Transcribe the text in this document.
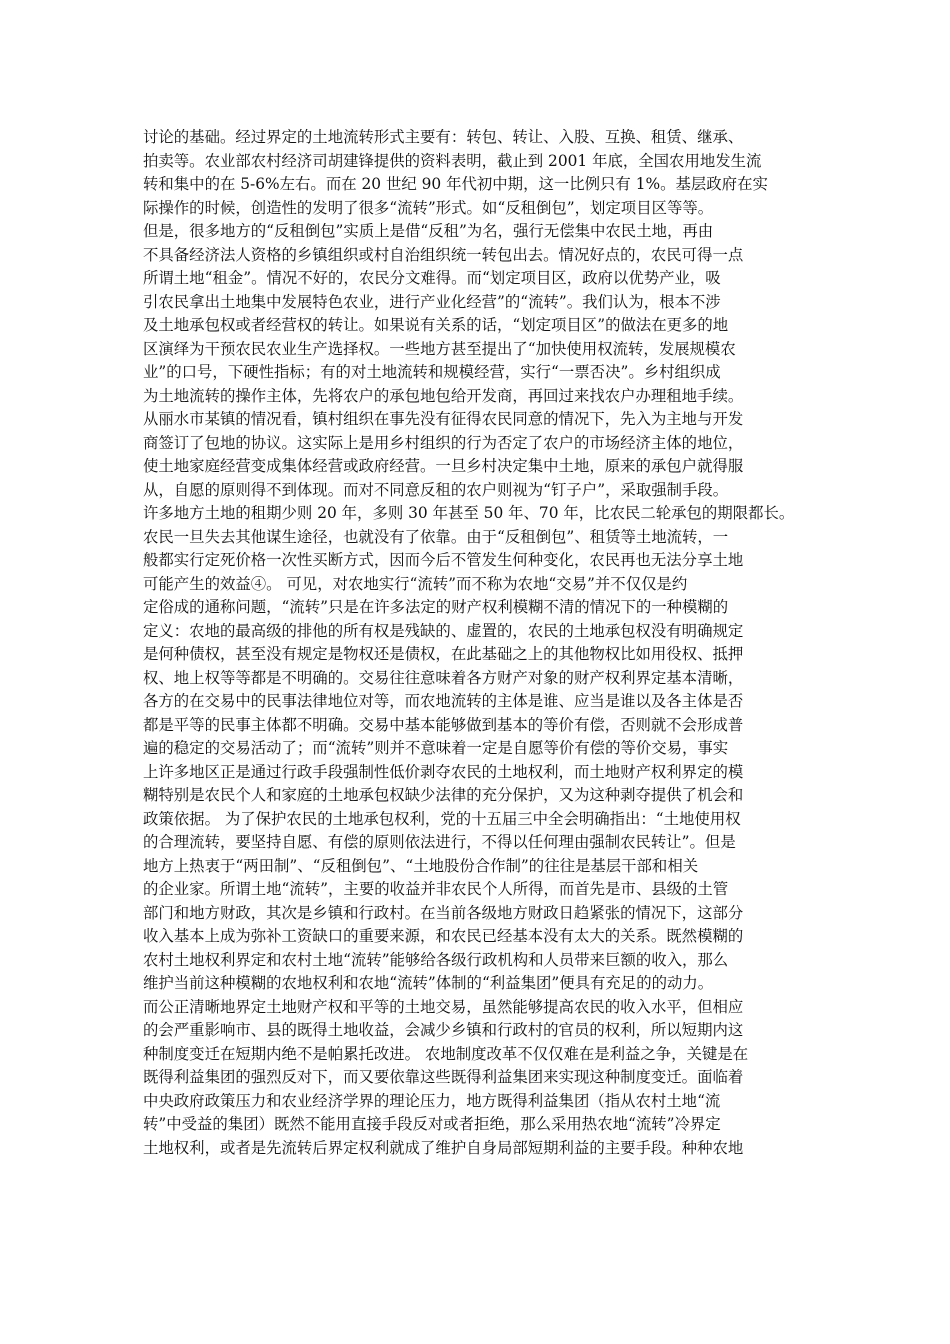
讨论的基础。经过界定的土地流转形式主要有：转包、转让、入股、互换、租赁、继承、
拍卖等。农业部农村经济司胡建锋提供的资料表明，截止到 2001 年底，全国农用地发生流
转和集中的在 5-6%左右。而在 20 世纪 90 年代初中期，这一比例只有 1%。基层政府在实
际操作的时候，创造性的发明了很多“流转”形式。如“反租倒包”，划定项目区等等。
但是，很多地方的“反租倒包”实质上是借“反租”为名，强行无偿集中农民土地，再由
不具备经济法人资格的乡镇组织或村自治组织统一转包出去。情况好点的，农民可得一点
所谓土地“租金”。情况不好的，农民分文难得。而“划定项目区，政府以优势产业，吸
引农民拿出土地集中发展特色农业，进行产业化经营”的“流转”。我们认为，根本不涉
及土地承包权或者经营权的转让。如果说有关系的话，“划定项目区”的做法在更多的地
区演绎为干预农民农业生产选择权。一些地方甚至提出了“加快使用权流转，发展规模农
业”的口号，下硬性指标；有的对土地流转和规模经营，实行“一票否决”。乡村组织成
为土地流转的操作主体，先将农户的承包地包给开发商，再回过来找农户办理租地手续。
从丽水市某镇的情况看，镇村组织在事先没有征得农民同意的情况下，先入为主地与开发
商签订了包地的协议。这实际上是用乡村组织的行为否定了农户的市场经济主体的地位，
使土地家庭经营变成集体经营或政府经营。一旦乡村决定集中土地，原来的承包户就得服
从，自愿的原则得不到体现。而对不同意反租的农户则视为“钉子户”，采取强制手段。
许多地方土地的租期少则 20 年，多则 30 年甚至 50 年、70 年，比农民二轮承包的期限都长。
农民一旦失去其他谋生途径，也就没有了依靠。由于“反租倒包”、租赁等土地流转，一
般都实行定死价格一次性买断方式，因而今后不管发生何种变化，农民再也无法分享土地
可能产生的效益④。 可见，对农地实行“流转”而不称为农地“交易”并不仅仅是约
定俗成的通称问题，“流转”只是在许多法定的财产权利模糊不清的情况下的一种模糊的
定义：农地的最高级的排他的所有权是残缺的、虚置的，农民的土地承包权没有明确规定
是何种债权，甚至没有规定是物权还是债权，在此基础之上的其他物权比如用役权、抵押
权、地上权等等都是不明确的。交易往往意味着各方财产对象的财产权利界定基本清晰，
各方的在交易中的民事法律地位对等，而农地流转的主体是谁、应当是谁以及各主体是否
都是平等的民事主体都不明确。交易中基本能够做到基本的等价有偿，否则就不会形成普
遍的稳定的交易活动了；而“流转”则并不意味着一定是自愿等价有偿的等价交易，事实
上许多地区正是通过行政手段强制性低价剥夺农民的土地权利，而土地财产权利界定的模
糊特别是农民个人和家庭的土地承包权缺少法律的充分保护，又为这种剥夺提供了机会和
政策依据。 为了保护农民的土地承包权利，党的十五届三中全会明确指出：“土地使用权
的合理流转，要坚持自愿、有偿的原则依法进行，不得以任何理由强制农民转让”。但是
地方上热衷于“两田制”、“反租倒包”、“土地股份合作制”的往往是基层干部和相关
的企业家。所谓土地“流转”，主要的收益并非农民个人所得，而首先是市、县级的土管
部门和地方财政，其次是乡镇和行政村。在当前各级地方财政日趋紧张的情况下，这部分
收入基本上成为弥补工资缺口的重要来源，和农民已经基本没有太大的关系。既然模糊的
农村土地权利界定和农村土地“流转”能够给各级行政机构和人员带来巨额的收入，那么
维护当前这种模糊的农地权利和农地“流转”体制的“利益集团”便具有充足的的动力。
而公正清晰地界定土地财产权和平等的土地交易，虽然能够提高农民的收入水平，但相应
的会严重影响市、县的既得土地收益，会减少乡镇和行政村的官员的权利，所以短期内这
种制度变迁在短期内绝不是帕累托改进。 农地制度改革不仅仅难在是利益之争，关键是在
既得利益集团的强烈反对下，而又要依靠这些既得利益集团来实现这种制度变迁。面临着
中央政府政策压力和农业经济学界的理论压力，地方既得利益集团（指从农村土地“流
转”中受益的集团）既然不能用直接手段反对或者拒绝，那么采用热农地“流转”冷界定
土地权利，或者是先流转后界定权利就成了维护自身局部短期利益的主要手段。种种农地
